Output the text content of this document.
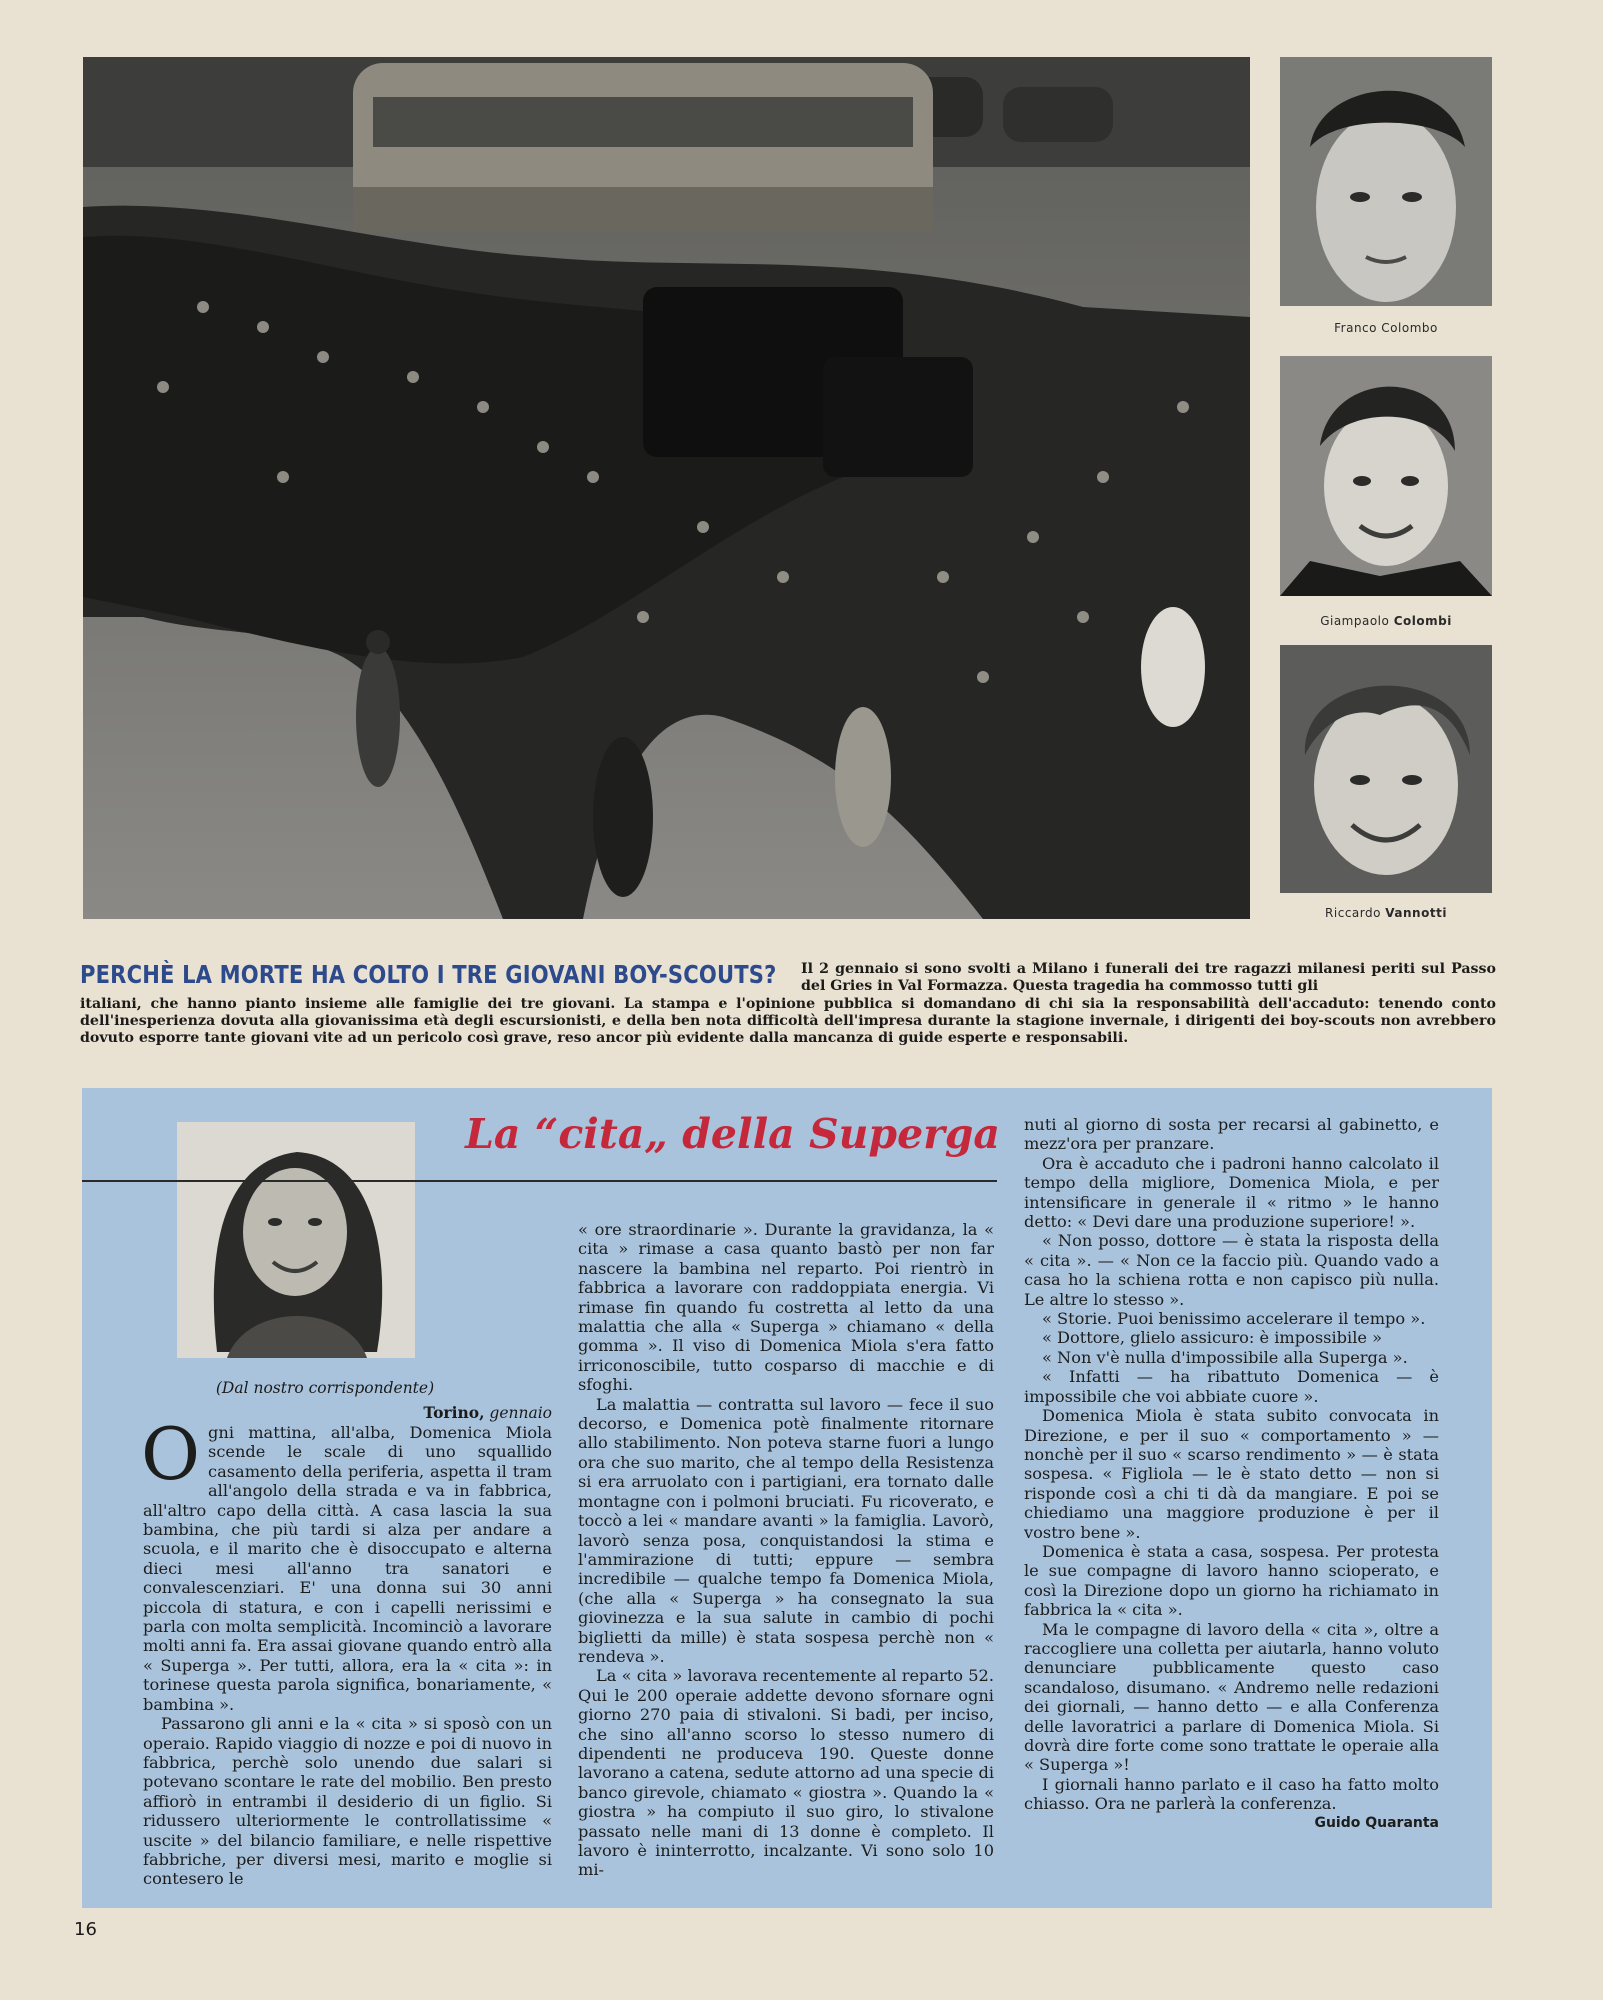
Franco Colombo
Giampaolo Colombi
Riccardo Vannotti
PERCHÈ LA MORTE HA COLTO I TRE GIOVANI BOY-SCOUTS? Il 2 gennaio si sono svolti a Milano i funerali dei tre ragazzi milanesi periti sul Passo del Gries in Val Formazza. Questa tragedia ha commosso tutti gli
italiani, che hanno pianto insieme alle famiglie dei tre giovani. La stampa e l'opinione pubblica si domandano di chi sia la responsabilità dell'accaduto: tenendo conto dell'inesperienza dovuta alla giovanissima età degli escursionisti, e della ben nota difficoltà dell'impresa durante la stagione invernale, i dirigenti dei boy-scouts non avrebbero dovuto esporre tante giovani vite ad un pericolo così grave, reso ancor più evidente dalla mancanza di guide esperte e responsabili.
La “cita„ della Superga
(Dal nostro corrispondente)
Torino, gennaio

Ogni mattina, all'alba, Domenica Miola scende le scale di uno squallido casamento della periferia, aspetta il tram all'angolo della strada e va in fabbrica, all'altro capo della città. A casa lascia la sua bambina, che più tardi si alza per andare a scuola, e il marito che è disoccupato e alterna dieci mesi all'anno tra sanatori e convalescenziari. E' una donna sui 30 anni piccola di statura, e con i capelli nerissimi e parla con molta semplicità. Incominciò a lavorare molti anni fa. Era assai giovane quando entrò alla « Superga ». Per tutti, allora, era la « cita »: in torinese questa parola significa, bonariamente, « bambina ».

Passarono gli anni e la « cita » si sposò con un operaio. Rapido viaggio di nozze e poi di nuovo in fabbrica, perchè solo unendo due salari si potevano scontare le rate del mobilio. Ben presto affiorò in entrambi il desiderio di un figlio. Si ridussero ulteriormente le controllatissime « uscite » del bilancio familiare, e nelle rispettive fabbriche, per diversi mesi, marito e moglie si contesero le

« ore straordinarie ». Durante la gravidanza, la « cita » rimase a casa quanto bastò per non far nascere la bambina nel reparto. Poi rientrò in fabbrica a lavorare con raddoppiata energia. Vi rimase fin quando fu costretta al letto da una malattia che alla « Superga » chiamano « della gomma ». Il viso di Domenica Miola s'era fatto irriconoscibile, tutto cosparso di macchie e di sfoghi.

La malattia — contratta sul lavoro — fece il suo decorso, e Domenica potè finalmente ritornare allo stabilimento. Non poteva starne fuori a lungo ora che suo marito, che al tempo della Resistenza si era arruolato con i partigiani, era tornato dalle montagne con i polmoni bruciati. Fu ricoverato, e toccò a lei « mandare avanti » la famiglia. Lavorò, lavorò senza posa, conquistandosi la stima e l'ammirazione di tutti; eppure — sembra incredibile — qualche tempo fa Domenica Miola, (che alla « Superga » ha consegnato la sua giovinezza e la sua salute in cambio di pochi biglietti da mille) è stata sospesa perchè non « rendeva ».

La « cita » lavorava recentemente al reparto 52. Qui le 200 operaie addette devono sfornare ogni giorno 270 paia di stivaloni. Si badi, per inciso, che sino all'anno scorso lo stesso numero di dipendenti ne produceva 190. Queste donne lavorano a catena, sedute attorno ad una specie di banco girevole, chiamato « giostra ». Quando la « giostra » ha compiuto il suo giro, lo stivalone passato nelle mani di 13 donne è completo. Il lavoro è ininterrotto, incalzante. Vi sono solo 10 mi-

nuti al giorno di sosta per recarsi al gabinetto, e mezz'ora per pranzare.

Ora è accaduto che i padroni hanno calcolato il tempo della migliore, Domenica Miola, e per intensificare in generale il « ritmo » le hanno detto: « Devi dare una produzione superiore! ».

« Non posso, dottore — è stata la risposta della « cita ». — « Non ce la faccio più. Quando vado a casa ho la schiena rotta e non capisco più nulla. Le altre lo stesso ».

« Storie. Puoi benissimo accelerare il tempo ».

« Dottore, glielo assicuro: è impossibile »

« Non v'è nulla d'impossibile alla Superga ».

« Infatti — ha ribattuto Domenica — è impossibile che voi abbiate cuore ».

Domenica Miola è stata subito convocata in Direzione, e per il suo « comportamento » — nonchè per il suo « scarso rendimento » — è stata sospesa. « Figliola — le è stato detto — non si risponde così a chi ti dà da mangiare. E poi se chiediamo una maggiore produzione è per il vostro bene ».

Domenica è stata a casa, sospesa. Per protesta le sue compagne di lavoro hanno scioperato, e così la Direzione dopo un giorno ha richiamato in fabbrica la « cita ».

Ma le compagne di lavoro della « cita », oltre a raccogliere una colletta per aiutarla, hanno voluto denunciare pubblicamente questo caso scandaloso, disumano. « Andremo nelle redazioni dei giornali, — hanno detto — e alla Conferenza delle lavoratrici a parlare di Domenica Miola. Si dovrà dire forte come sono trattate le operaie alla « Superga »!

I giornali hanno parlato e il caso ha fatto molto chiasso. Ora ne parlerà la conferenza.

Guido Quaranta
16
